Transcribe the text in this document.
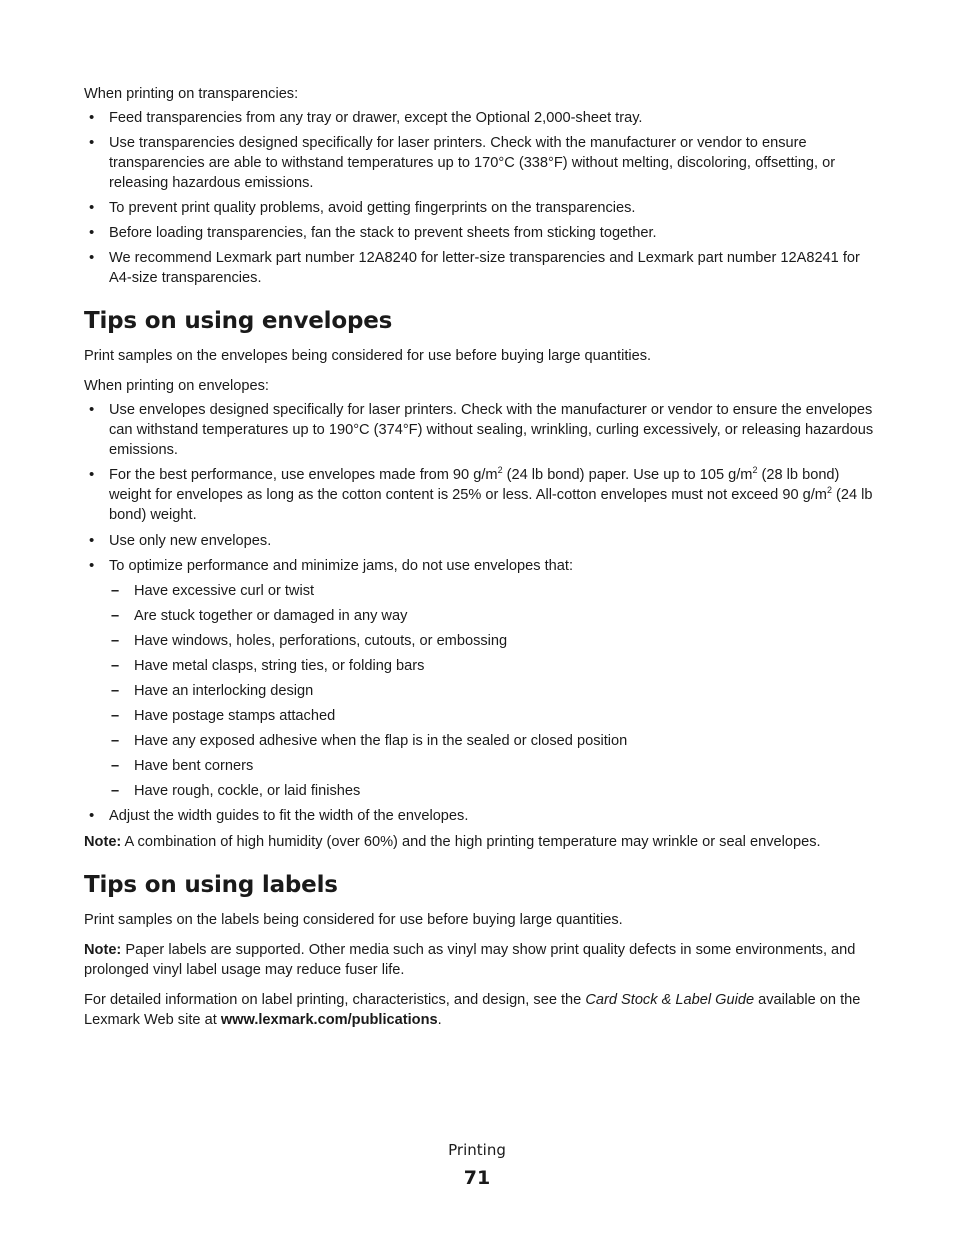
When printing on transparencies:

• Feed transparencies from any tray or drawer, except the Optional 2,000-sheet tray.
• Use transparencies designed specifically for laser printers. Check with the manufacturer or vendor to ensure transparencies are able to withstand temperatures up to 170°C (338°F) without melting, discoloring, offsetting, or releasing hazardous emissions.
• To prevent print quality problems, avoid getting fingerprints on the transparencies.
• Before loading transparencies, fan the stack to prevent sheets from sticking together.
• We recommend Lexmark part number 12A8240 for letter-size transparencies and Lexmark part number 12A8241 for A4-size transparencies.
Tips on using envelopes

Print samples on the envelopes being considered for use before buying large quantities.

When printing on envelopes:

• Use envelopes designed specifically for laser printers. Check with the manufacturer or vendor to ensure the envelopes can withstand temperatures up to 190°C (374°F) without sealing, wrinkling, curling excessively, or releasing hazardous emissions.
• For the best performance, use envelopes made from 90 $g/m^2$ (24 lb bond) paper. Use up to 105 $g/m^2$ (28 lb bond) weight for envelopes as long as the cotton content is 25% or less. All-cotton envelopes must not exceed 90 $g/m^2$ (24 lb bond) weight.
• Use only new envelopes.
• To optimize performance and minimize jams, do not use envelopes that:
– Have excessive curl or twist
– Are stuck together or damaged in any way
– Have windows, holes, perforations, cutouts, or embossing
– Have metal clasps, string ties, or folding bars
– Have an interlocking design
– Have postage stamps attached
– Have any exposed adhesive when the flap is in the sealed or closed position
– Have bent corners
– Have rough, cockle, or laid finishes
• Adjust the width guides to fit the width of the envelopes.

Note: A combination of high humidity (over 60%) and the high printing temperature may wrinkle or seal envelopes.

Tips on using labels

Print samples on the labels being considered for use before buying large quantities.

Note: Paper labels are supported. Other media such as vinyl may show print quality defects in some environments, and prolonged vinyl label usage may reduce fuser life.

For detailed information on label printing, characteristics, and design, see the Card Stock & Label Guide available on the Lexmark Web site at www.lexmark.com/publications.

Printing
71
